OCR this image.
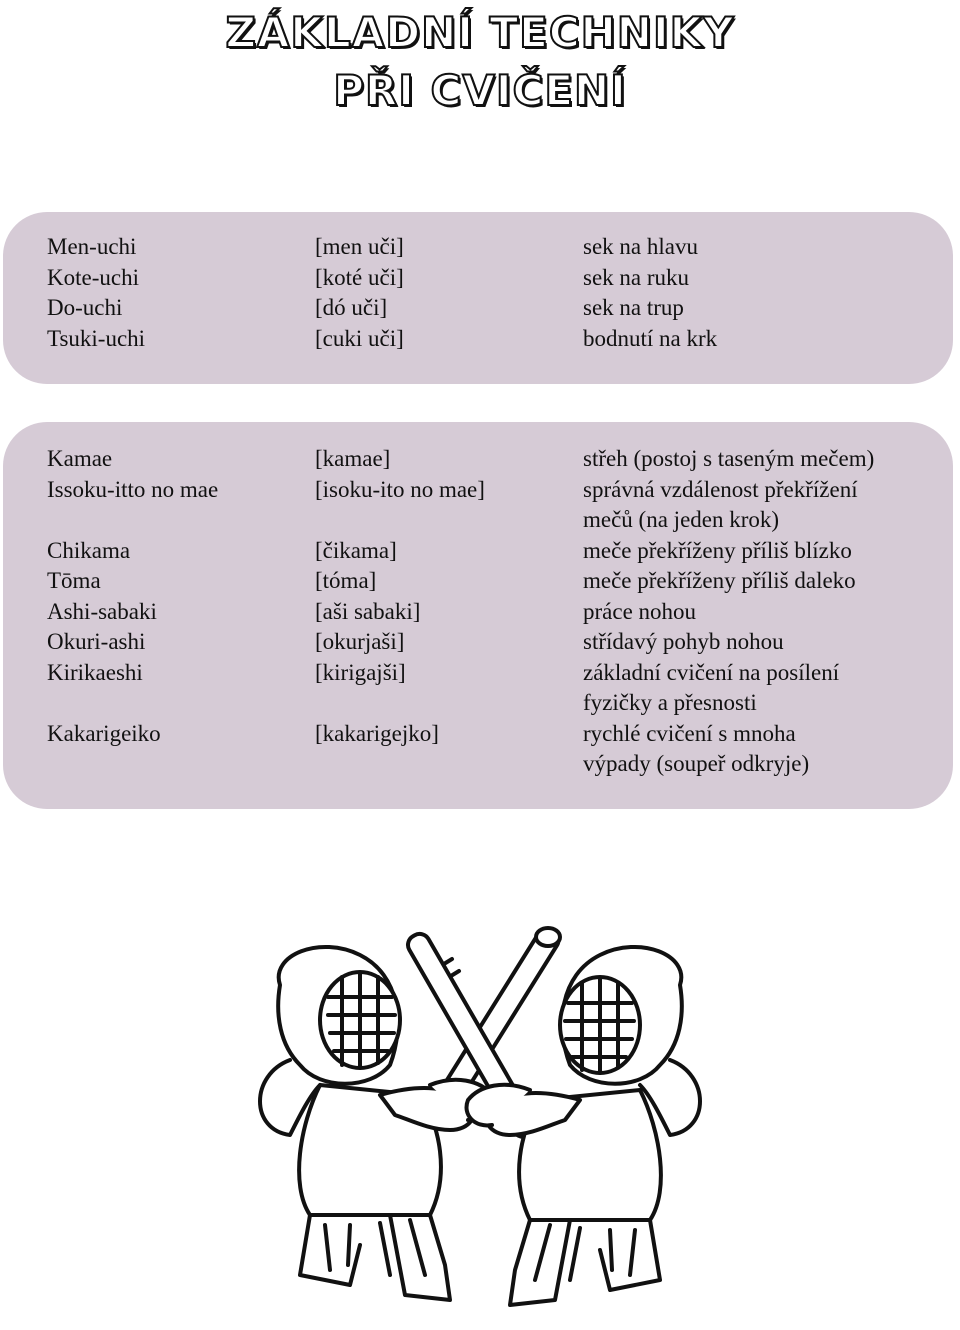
ZÁKLADNÍ TECHNIKY
PŘI CVIČENÍ
Men-uchi	[men uči]	sek na hlavu
Kote-uchi	[koté uči]	sek na ruku
Do-uchi	[dó uči]	sek na trup
Tsuki-uchi	[cuki uči]	bodnutí na krk
Kamae	[kamae]	střeh (postoj s taseným mečem)
Issoku-itto no mae	[isoku-ito no mae]	správná vzdálenost překřížení
mečů (na jeden krok)
Chikama	[čikama]	meče překříženy příliš blízko
Tōma	[tóma]	meče překříženy příliš daleko
Ashi-sabaki	[aši sabaki]	práce nohou
Okuri-ashi	[okurjaši]	střídavý pohyb nohou
Kirikaeshi	[kirigajši]	základní cvičení na posílení
fyzičky a přesnosti
Kakarigeiko	[kakarigejko]	rychlé cvičení s mnoha
výpady (soupeř odkryje)
